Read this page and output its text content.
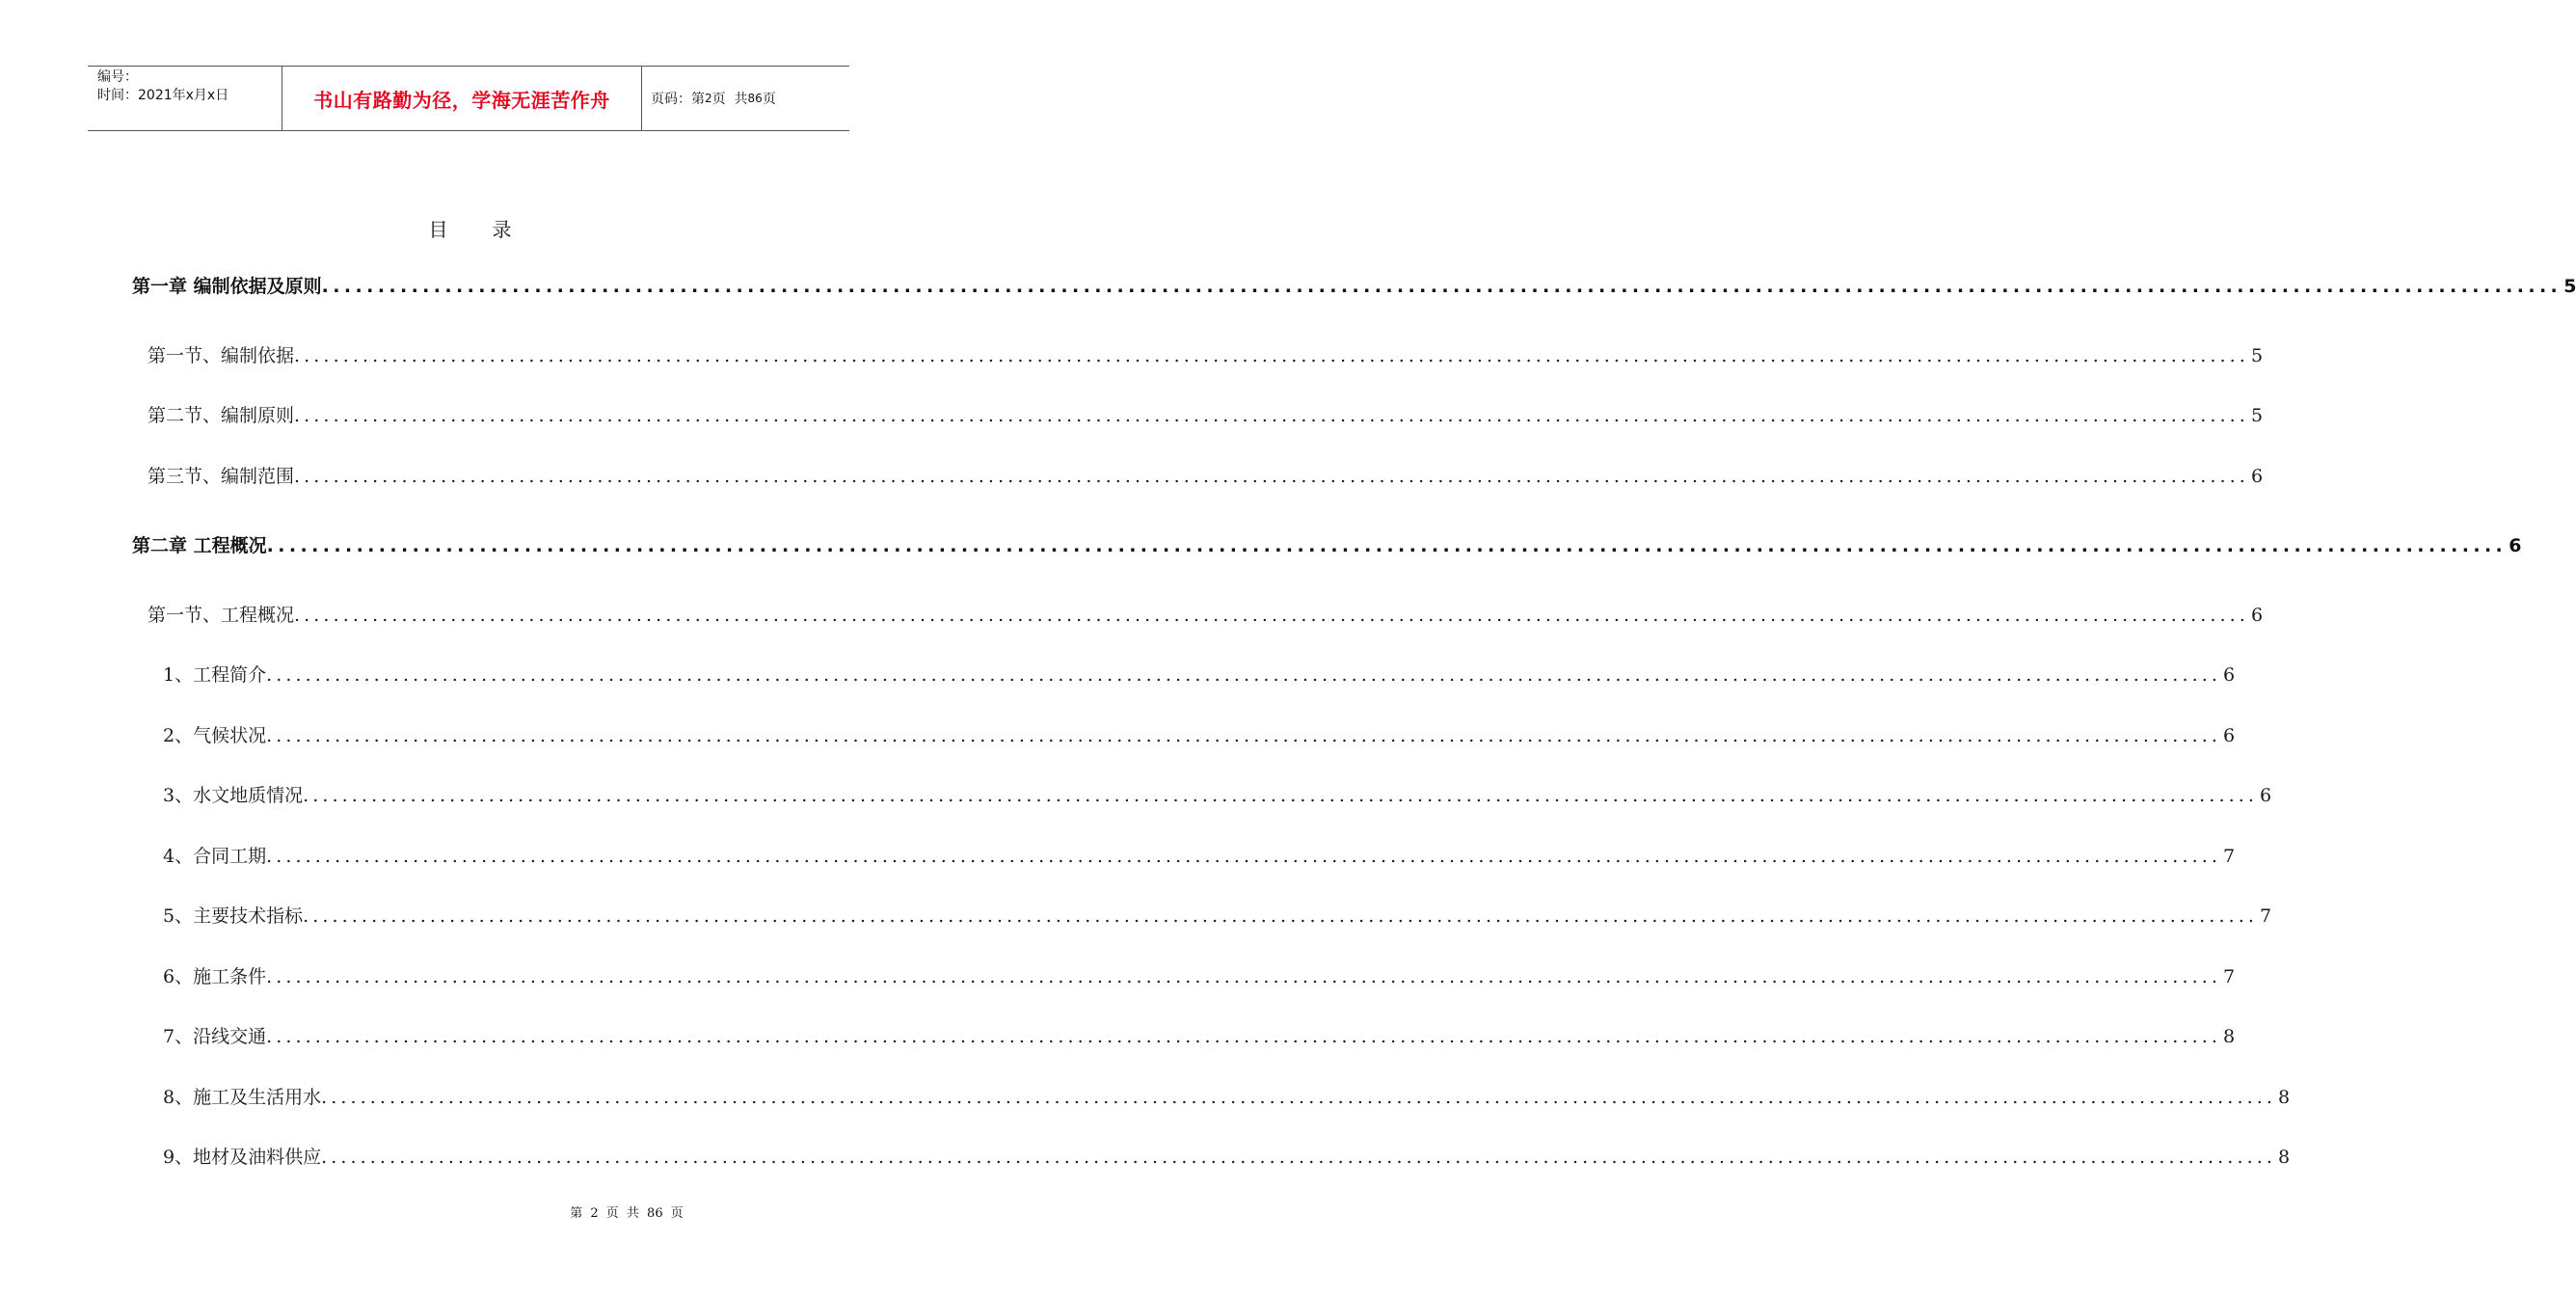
编号：
时间：2021年x月x日	书山有路勤为径，学海无涯苦作舟	页码：第 2 页  共 86 页
目 录
第一章 编制依据及原则 ........................................................................................................................................................................................................ 5
第一节、编制依据 ........................................................................................................................................................................................................ 5
第二节、编制原则 ........................................................................................................................................................................................................ 5
第三节、编制范围 ........................................................................................................................................................................................................ 6
第二章 工程概况 ........................................................................................................................................................................................................ 6
第一节、工程概况 ........................................................................................................................................................................................................ 6
1、工程简介 ........................................................................................................................................................................................................ 6
2、气候状况 ........................................................................................................................................................................................................ 6
3、水文地质情况 ........................................................................................................................................................................................................ 6
4、合同工期 ........................................................................................................................................................................................................ 7
5、主要技术指标 ........................................................................................................................................................................................................ 7
6、施工条件 ........................................................................................................................................................................................................ 7
7、沿线交通 ........................................................................................................................................................................................................ 8
8、施工及生活用水 ........................................................................................................................................................................................................ 8
9、地材及油料供应 ........................................................................................................................................................................................................ 8
第 2 页 共 86 页
